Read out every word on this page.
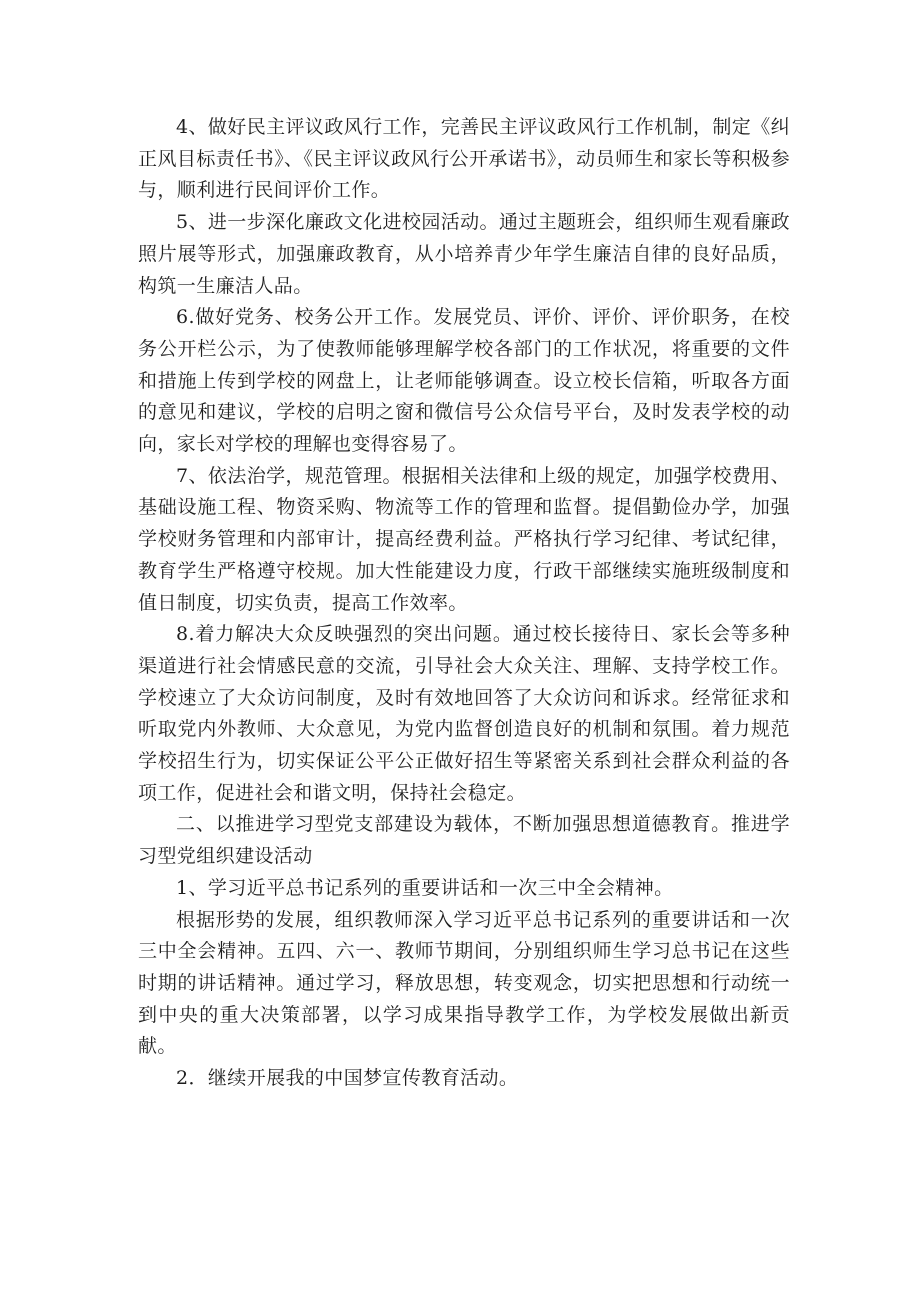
4、做好民主评议政风行工作，完善民主评议政风行工作机制，制定《纠正风目标责任书》、《民主评议政风行公开承诺书》，动员师生和家长等积极参与，顺利进行民间评价工作。

5、进一步深化廉政文化进校园活动。通过主题班会，组织师生观看廉政照片展等形式，加强廉政教育，从小培养青少年学生廉洁自律的良好品质，构筑一生廉洁人品。

6.做好党务、校务公开工作。发展党员、评价、评价、评价职务，在校务公开栏公示，为了使教师能够理解学校各部门的工作状况，将重要的文件和措施上传到学校的网盘上，让老师能够调查。设立校长信箱，听取各方面的意见和建议，学校的启明之窗和微信号公众信号平台，及时发表学校的动向，家长对学校的理解也变得容易了。

7、依法治学，规范管理。根据相关法律和上级的规定，加强学校费用、基础设施工程、物资采购、物流等工作的管理和监督。提倡勤俭办学，加强学校财务管理和内部审计，提高经费利益。严格执行学习纪律、考试纪律，教育学生严格遵守校规。加大性能建设力度，行政干部继续实施班级制度和值日制度，切实负责，提高工作效率。

8.着力解决大众反映强烈的突出问题。通过校长接待日、家长会等多种渠道进行社会情感民意的交流，引导社会大众关注、理解、支持学校工作。学校速立了大众访问制度，及时有效地回答了大众访问和诉求。经常征求和听取党内外教师、大众意见，为党内监督创造良好的机制和氛围。着力规范学校招生行为，切实保证公平公正做好招生等紧密关系到社会群众利益的各项工作，促进社会和谐文明，保持社会稳定。

二、以推进学习型党支部建设为载体，不断加强思想道德教育。推进学习型党组织建设活动

1、学习近平总书记系列的重要讲话和一次三中全会精神。

根据形势的发展，组织教师深入学习近平总书记系列的重要讲话和一次三中全会精神。五四、六一、教师节期间，分别组织师生学习总书记在这些时期的讲话精神。通过学习，释放思想，转变观念，切实把思想和行动统一到中央的重大决策部署，以学习成果指导教学工作，为学校发展做出新贡献。

2．继续开展我的中国梦宣传教育活动。
